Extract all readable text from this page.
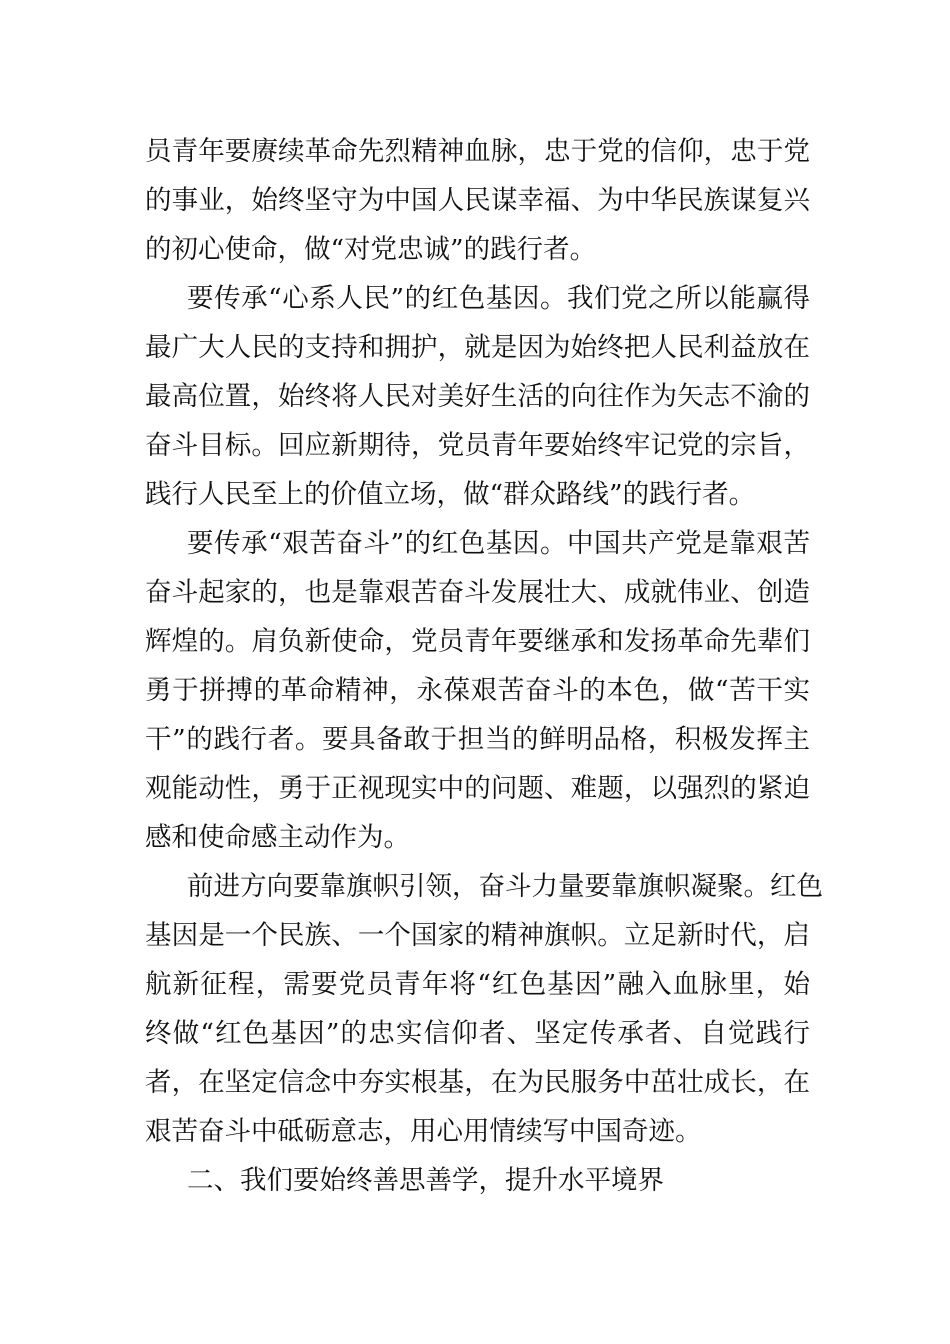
员青年要赓续革命先烈精神血脉，忠于党的信仰，忠于党
的事业，始终坚守为中国人民谋幸福、为中华民族谋复兴
的初心使命，做“对党忠诚”的践行者。
要传承“心系人民”的红色基因。我们党之所以能赢得
最广大人民的支持和拥护，就是因为始终把人民利益放在
最高位置，始终将人民对美好生活的向往作为矢志不渝的
奋斗目标。回应新期待，党员青年要始终牢记党的宗旨，
践行人民至上的价值立场，做“群众路线”的践行者。
要传承“艰苦奋斗”的红色基因。中国共产党是靠艰苦
奋斗起家的，也是靠艰苦奋斗发展壮大、成就伟业、创造
辉煌的。肩负新使命，党员青年要继承和发扬革命先辈们
勇于拼搏的革命精神，永葆艰苦奋斗的本色，做“苦干实
干”的践行者。要具备敢于担当的鲜明品格，积极发挥主
观能动性，勇于正视现实中的问题、难题，以强烈的紧迫
感和使命感主动作为。
前进方向要靠旗帜引领，奋斗力量要靠旗帜凝聚。红色
基因是一个民族、一个国家的精神旗帜。立足新时代，启
航新征程，需要党员青年将“红色基因”融入血脉里，始
终做“红色基因”的忠实信仰者、坚定传承者、自觉践行
者，在坚定信念中夯实根基，在为民服务中茁壮成长，在
艰苦奋斗中砥砺意志，用心用情续写中国奇迹。
二、我们要始终善思善学，提升水平境界
